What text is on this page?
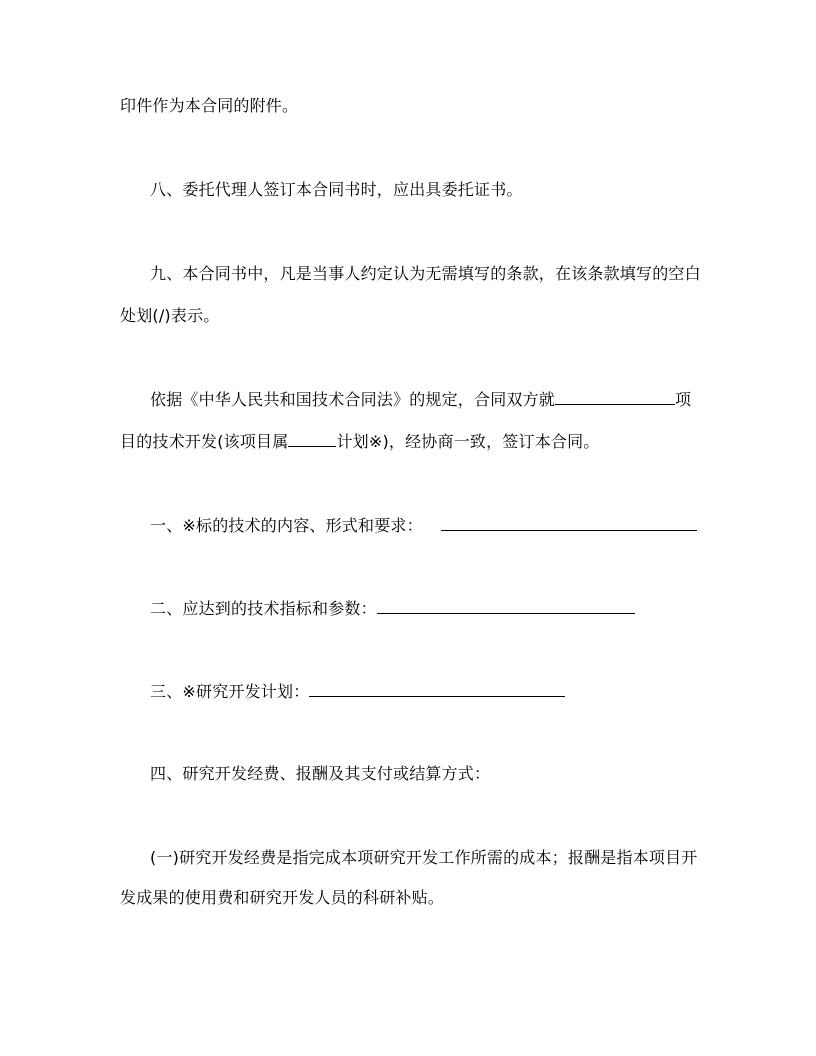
印件作为本合同的附件。
八、委托代理人签订本合同书时，应出具委托证书。
九、本合同书中，凡是当事人约定认为无需填写的条款，在该条款填写的空白
处划(/)表示。
依据《中华人民共和国技术合同法》的规定，合同双方就	项
目的技术开发(该项目属	计划※)，经协商一致，签订本合同。
一、※标的技术的内容、形式和要求：
二、应达到的技术指标和参数：
三、※研究开发计划：
四、研究开发经费、报酬及其支付或结算方式：
(一)研究开发经费是指完成本项研究开发工作所需的成本；报酬是指本项目开
发成果的使用费和研究开发人员的科研补贴。
